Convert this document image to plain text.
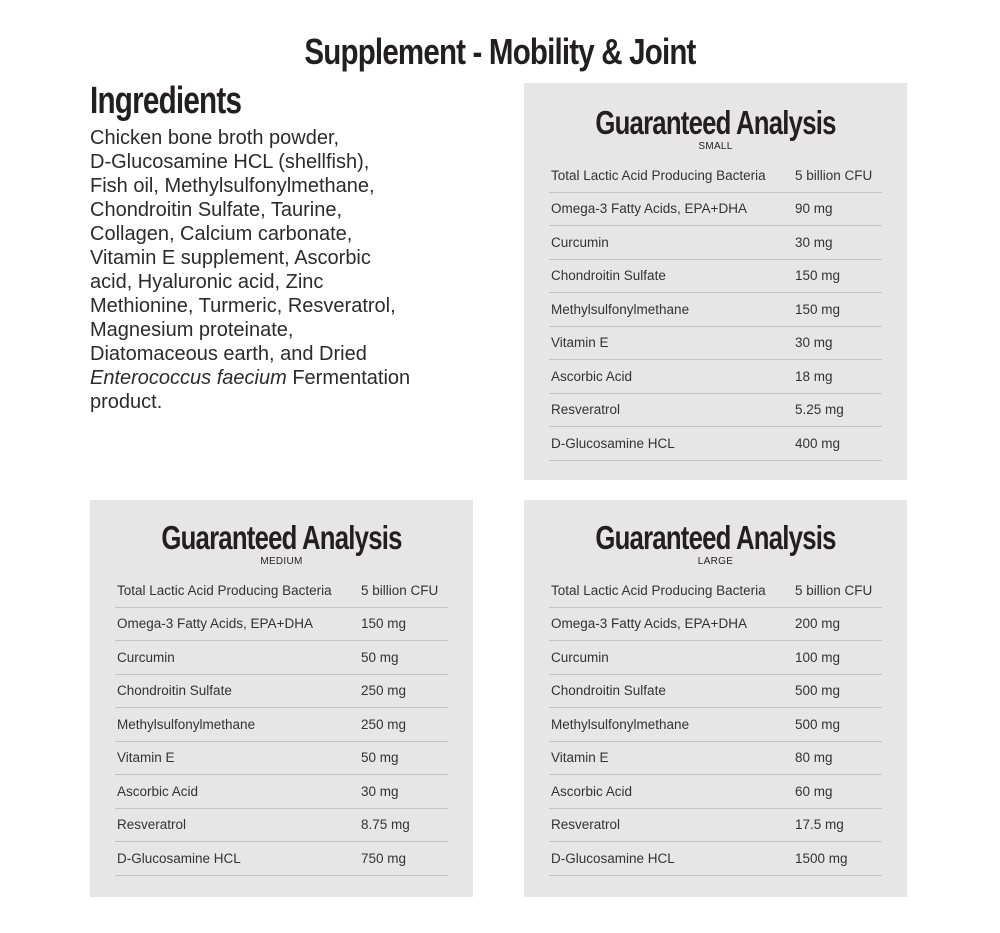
Supplement - Mobility & Joint
Ingredients

Chicken bone broth powder,
D-Glucosamine HCL (shellfish),
Fish oil, Methylsulfonylmethane,
Chondroitin Sulfate, Taurine,
Collagen, Calcium carbonate,
Vitamin E supplement, Ascorbic
acid, Hyaluronic acid, Zinc
Methionine, Turmeric, Resveratrol,
Magnesium proteinate,
Diatomaceous earth, and Dried
Enterococcus faecium Fermentation
product.

Guaranteed Analysis
SMALL
Total Lactic Acid Producing Bacteria	5 billion CFU
Omega-3 Fatty Acids, EPA+DHA	90 mg
Curcumin	30 mg
Chondroitin Sulfate	150 mg
Methylsulfonylmethane	150 mg
Vitamin E	30 mg
Ascorbic Acid	18 mg
Resveratrol	5.25 mg
D-Glucosamine HCL	400 mg
Guaranteed Analysis
MEDIUM
Total Lactic Acid Producing Bacteria	5 billion CFU
Omega-3 Fatty Acids, EPA+DHA	150 mg
Curcumin	50 mg
Chondroitin Sulfate	250 mg
Methylsulfonylmethane	250 mg
Vitamin E	50 mg
Ascorbic Acid	30 mg
Resveratrol	8.75 mg
D-Glucosamine HCL	750 mg
Guaranteed Analysis
LARGE
Total Lactic Acid Producing Bacteria	5 billion CFU
Omega-3 Fatty Acids, EPA+DHA	200 mg
Curcumin	100 mg
Chondroitin Sulfate	500 mg
Methylsulfonylmethane	500 mg
Vitamin E	80 mg
Ascorbic Acid	60 mg
Resveratrol	17.5 mg
D-Glucosamine HCL	1500 mg
